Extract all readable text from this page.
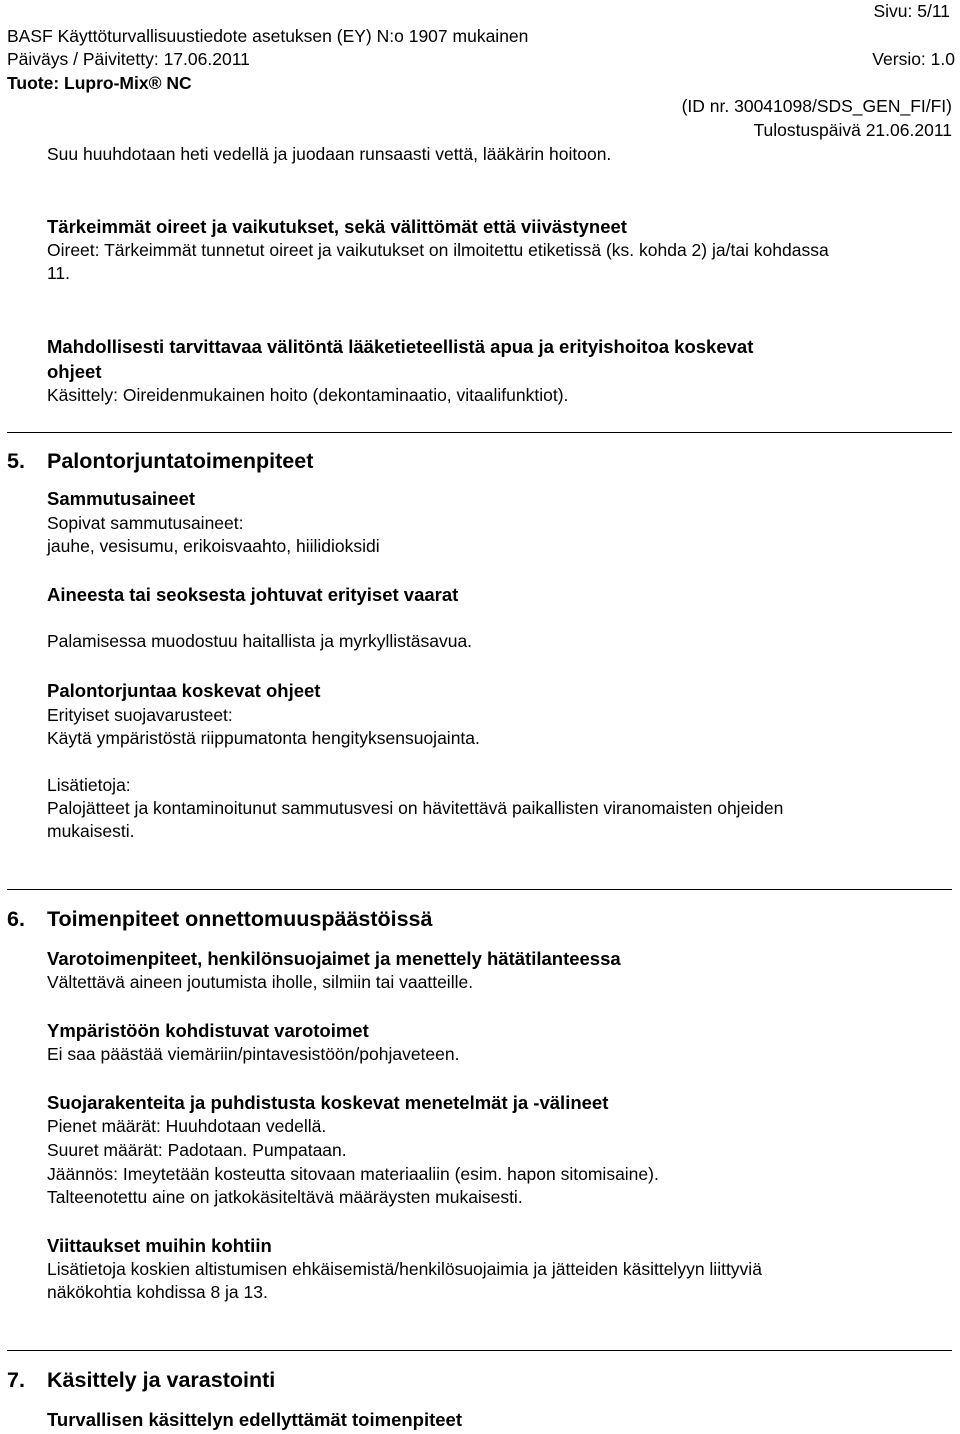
Sivu: 5/11
BASF Käyttöturvallisuustiedote asetuksen (EY) N:o 1907 mukainen
Päiväys / Päivitetty: 17.06.2011	Versio: 1.0
Tuote: Lupro-Mix® NC
(ID nr. 30041098/SDS_GEN_FI/FI)
Tulostuspäivä 21.06.2011
Suu huuhdotaan heti vedellä ja juodaan runsaasti vettä, lääkärin hoitoon.
Tärkeimmät oireet ja vaikutukset, sekä välittömät että viivästyneet
Oireet: Tärkeimmät tunnetut oireet ja vaikutukset on ilmoitettu etiketissä (ks. kohda 2) ja/tai kohdassa
11.
Mahdollisesti tarvittavaa välitöntä lääketieteellistä apua ja erityishoitoa koskevat
ohjeet
Käsittely: Oireidenmukainen hoito (dekontaminaatio, vitaalifunktiot).
5. Palontorjuntatoimenpiteet
Sammutusaineet
Sopivat sammutusaineet:
jauhe, vesisumu, erikoisvaahto, hiilidioksidi
Aineesta tai seoksesta johtuvat erityiset vaarat
Palamisessa muodostuu haitallista ja myrkyllistäsavua.
Palontorjuntaa koskevat ohjeet
Erityiset suojavarusteet:
Käytä ympäristöstä riippumatonta hengityksensuojainta.
Lisätietoja:
Palojätteet ja kontaminoitunut sammutusvesi on hävitettävä paikallisten viranomaisten ohjeiden
mukaisesti.
6. Toimenpiteet onnettomuuspäästöissä
Varotoimenpiteet, henkilönsuojaimet ja menettely hätätilanteessa
Vältettävä aineen joutumista iholle, silmiin tai vaatteille.
Ympäristöön kohdistuvat varotoimet
Ei saa päästää viemäriin/pintavesistöön/pohjaveteen.
Suojarakenteita ja puhdistusta koskevat menetelmät ja -välineet
Pienet määrät: Huuhdotaan vedellä.
Suuret määrät: Padotaan. Pumpataan.
Jäännös: Imeytetään kosteutta sitovaan materiaaliin (esim. hapon sitomisaine).
Talteenotettu aine on jatkokäsiteltävä määräysten mukaisesti.
Viittaukset muihin kohtiin
Lisätietoja koskien altistumisen ehkäisemistä/henkilösuojaimia ja jätteiden käsittelyyn liittyviä
näkökohtia kohdissa 8 ja 13.
7. Käsittely ja varastointi
Turvallisen käsittelyn edellyttämät toimenpiteet
